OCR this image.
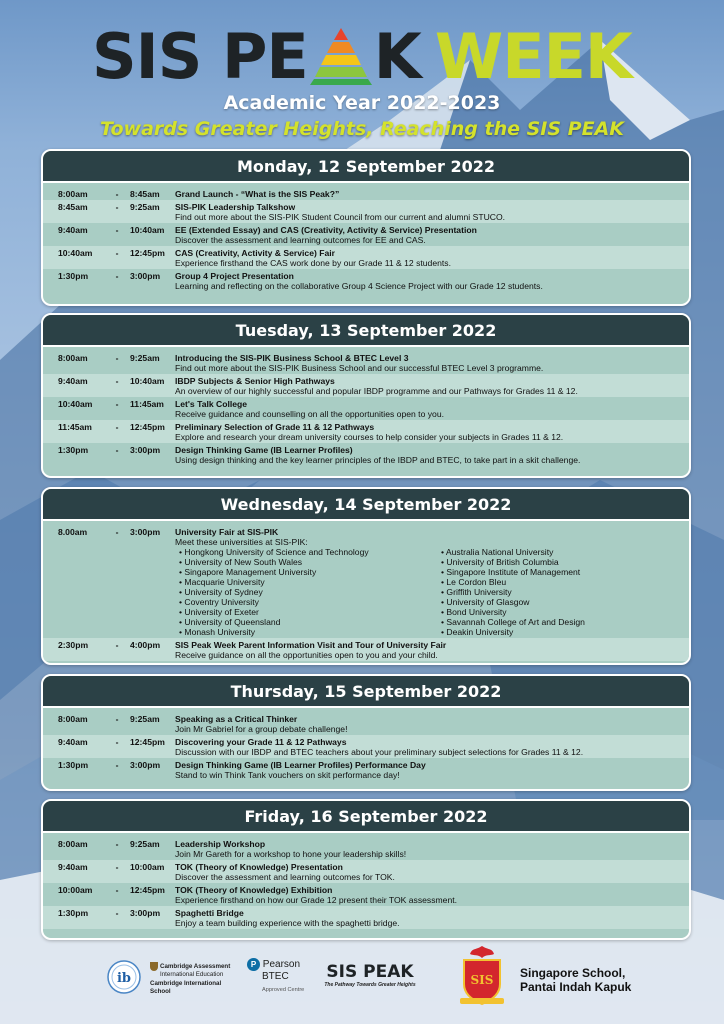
SIS PE K WEEK
Academic Year 2022-2023
Towards Greater Heights, Reaching the SIS PEAK
Monday, 12 September 2022
8:00am	- 8:45am	Grand Launch - “What is the SIS Peak?”
8:45am	- 9:25am	SIS-PIK Leadership Talkshow
Find out more about the SIS-PIK Student Council from our current and alumni STUCO.
9:40am	- 10:40am	EE (Extended Essay) and CAS (Creativity, Activity & Service) Presentation
Discover the assessment and learning outcomes for EE and CAS.
10:40am	- 12:45pm	CAS (Creativity, Activity & Service) Fair
Experience firsthand the CAS work done by our Grade 11 & 12 students.
1:30pm	- 3:00pm	Group 4 Project Presentation
Learning and reflecting on the collaborative Group 4 Science Project with our Grade 12 students.
Tuesday, 13 September 2022
8:00am	- 9:25am	Introducing the SIS-PIK Business School & BTEC Level 3
Find out more about the SIS-PIK Business School and our successful BTEC Level 3 programme.
9:40am	- 10:40am	IBDP Subjects & Senior High Pathways
An overview of our highly successful and popular IBDP programme and our Pathways for Grades 11 & 12.
10:40am	- 11:45am	Let's Talk College
Receive guidance and counselling on all the opportunities open to you.
11:45am	- 12:45pm	Preliminary Selection of Grade 11 & 12 Pathways
Explore and research your dream university courses to help consider your subjects in Grades 11 & 12.
1:30pm	- 3:00pm	Design Thinking Game (IB Learner Profiles)
Using design thinking and the key learner principles of the IBDP and BTEC, to take part in a skit challenge.
Wednesday, 14 September 2022
8.00am	- 3:00pm	University Fair at SIS-PIK
Meet these universities at SIS-PIK:
• Hongkong University of Science and Technology
• University of New South Wales
• Singapore Management University
• Macquarie University
• University of Sydney
• Coventry University
• University of Exeter
• University of Queensland
• Monash University
• Australia National University
• University of British Columbia
• Singapore Institute of Management
• Le Cordon Bleu
• Griffith University
• University of Glasgow
• Bond University
• Savannah College of Art and Design
• Deakin University
2:30pm	- 4:00pm	SIS Peak Week Parent Information Visit and Tour of University Fair
Receive guidance on all the opportunities open to you and your child.
Thursday, 15 September 2022
8:00am	- 9:25am	Speaking as a Critical Thinker
Join Mr Gabriel for a group debate challenge!
9:40am	- 12:45pm	Discovering your Grade 11 & 12 Pathways
Discussion with our IBDP and BTEC teachers about your preliminary subject selections for Grades 11 & 12.
1:30pm	- 3:00pm	Design Thinking Game (IB Learner Profiles) Performance Day
Stand to win Think Tank vouchers on skit performance day!
Friday, 16 September 2022
8:00am	- 9:25am	Leadership Workshop
Join Mr Gareth for a workshop to hone your leadership skills!
9:40am	- 10:00am	TOK (Theory of Knowledge) Presentation
Discover the assessment and learning outcomes for TOK.
10:00am	- 12:45pm	TOK (Theory of Knowledge) Exhibition
Experience firsthand on how our Grade 12 present their TOK assessment.
1:30pm	- 3:00pm	Spaghetti Bridge
Enjoy a team building experience with the spaghetti bridge.
ib
Cambridge Assessment
International Education
Cambridge International School
P Pearson
BTEC
Approved Centre
SIS PEAK
The Pathway Towards Greater Heights	SIS Singapore School,
Pantai Indah Kapuk
